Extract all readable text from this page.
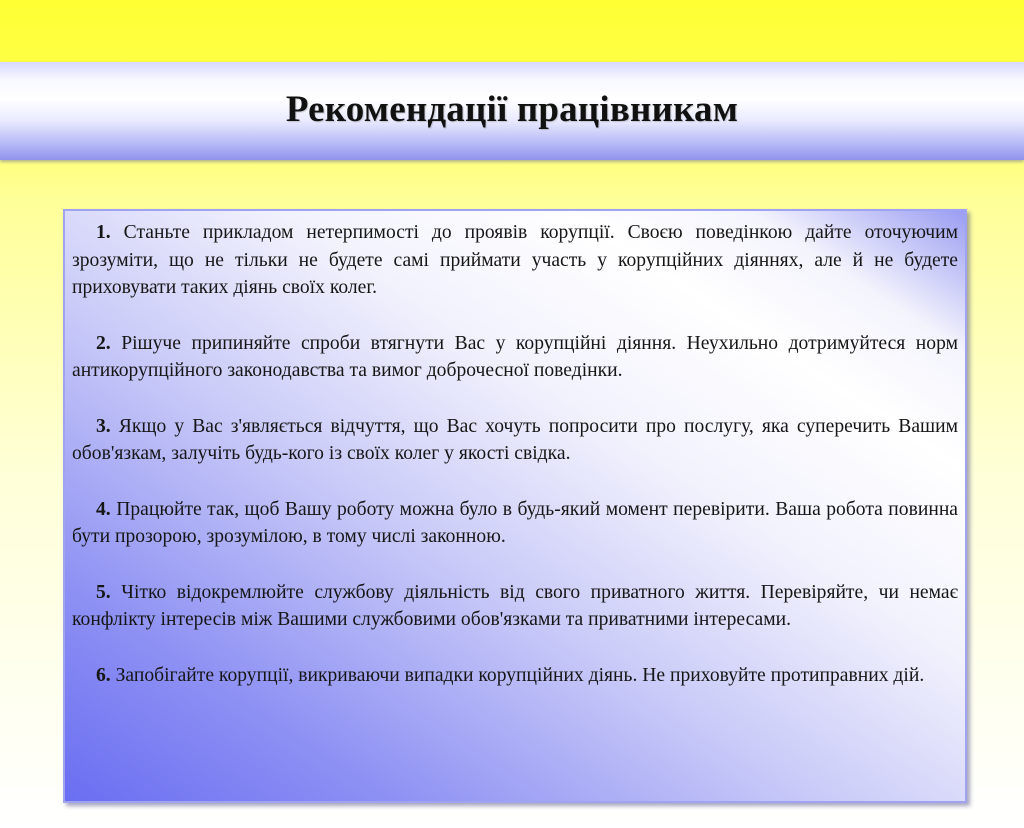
Рекомендації працівникам

1. Станьте прикладом нетерпимості до проявів корупції. Своєю поведінкою дайте оточуючим зрозуміти, що не тільки не будете самі приймати участь у корупційних діяннях, але й не будете приховувати таких діянь своїх колег.

2. Рішуче припиняйте спроби втягнути Вас у корупційні діяння. Неухильно дотримуйтеся норм антикорупційного законодавства та вимог доброчесної поведінки.

3. Якщо у Вас з'являється відчуття, що Вас хочуть попросити про послугу, яка суперечить Вашим обов'язкам, залучіть будь-кого із своїх колег у якості свідка.

4. Працюйте так, щоб Вашу роботу можна було в будь-який момент перевірити. Ваша робота повинна бути прозорою, зрозумілою, в тому числі законною.

5. Чітко відокремлюйте службову діяльність від свого приватного життя. Перевіряйте, чи немає конфлікту інтересів між Вашими службовими обов'язками та приватними інтересами.

6. Запобігайте корупції, викриваючи випадки корупційних діянь. Не приховуйте протиправних дій.
